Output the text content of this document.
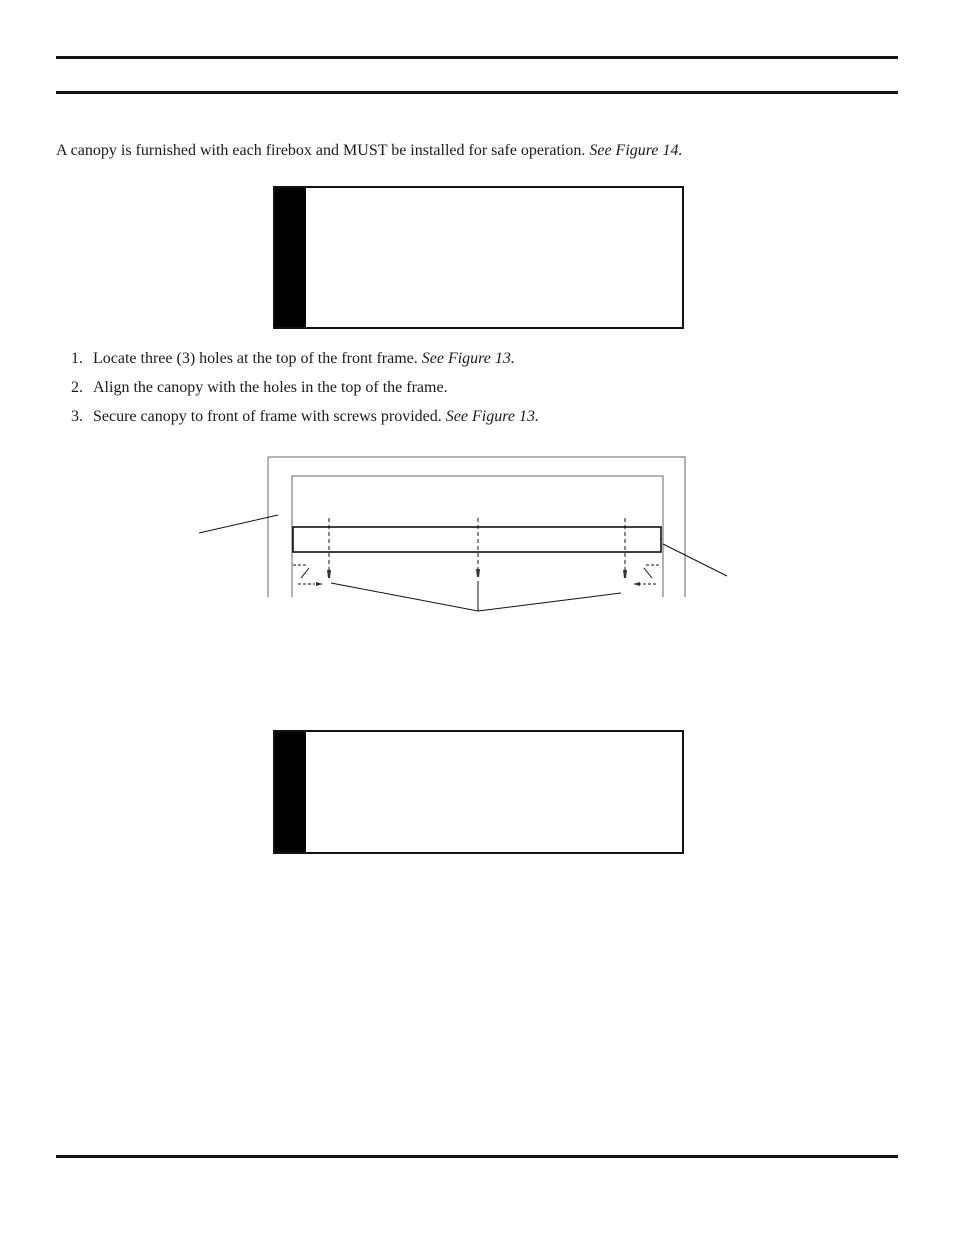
A canopy is furnished with each firebox and MUST be installed for safe operation. See Figure 14.

1. Locate three (3) holes at the top of the front frame. See Figure 13.
2. Align the canopy with the holes in the top of the frame.
3. Secure canopy to front of frame with screws provided. See Figure 13.
